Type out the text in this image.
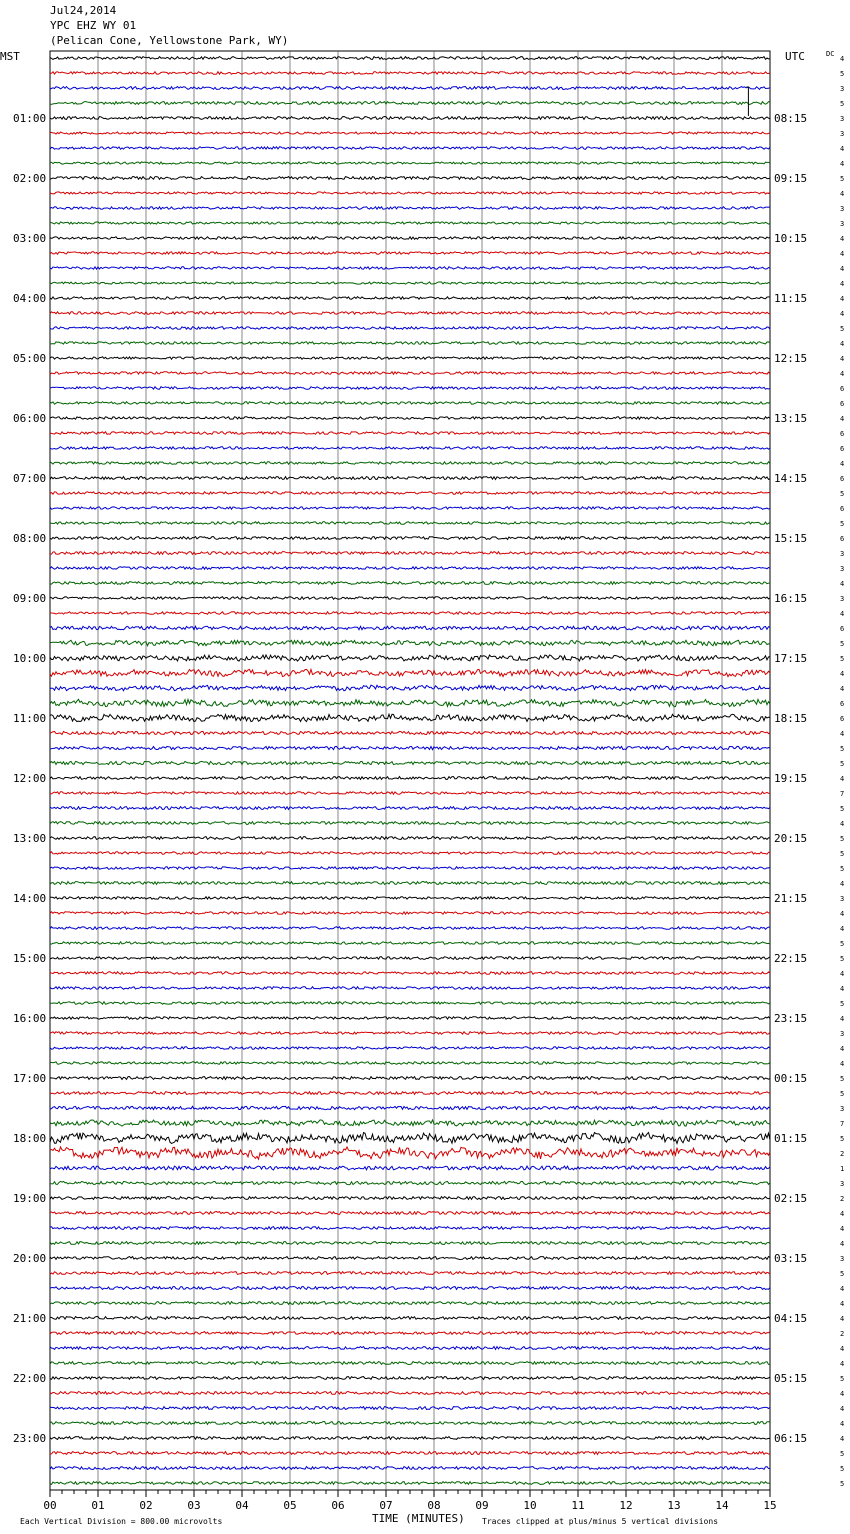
Jul24,2014
YPC EHZ WY 01
(Pelican Cone, Yellowstone Park, WY)
01:00
02:00
03:00
04:00
05:00
06:00
07:00
08:00
09:00
10:00
11:00
12:00
13:00
14:00
15:00
16:00
17:00
18:00
19:00
20:00
21:00
22:00
23:00
08:15
09:15
10:15
11:15
12:15
13:15
14:15
15:15
16:15
17:15
18:15
19:15
20:15
21:15
22:15
23:15
00:15
01:15
02:15
03:15
04:15
05:15
06:15
4
5
3
5
3
3
4
4
5
4
3
3
4
4
4
4
4
4
5
4
4
4
6
6
4
6
6
4
6
5
6
5
6
3
3
4
3
4
6
5
5
4
4
6
6
4
5
5
4
7
5
4
5
5
5
4
3
4
4
5
5
4
4
5
4
3
4
4
5
5
3
7
5
2
1
3
2
4
4
4
3
5
4
4
4
2
4
4
5
4
4
4
4
5
5
5
00	01	02	03	04	05	06	07	08	09	10	11	12	13	14	15
MST	UTC	DC
TIME (MINUTES)
Each Vertical Division = 800.00 microvolts	Traces clipped at plus/minus 5 vertical divisions
